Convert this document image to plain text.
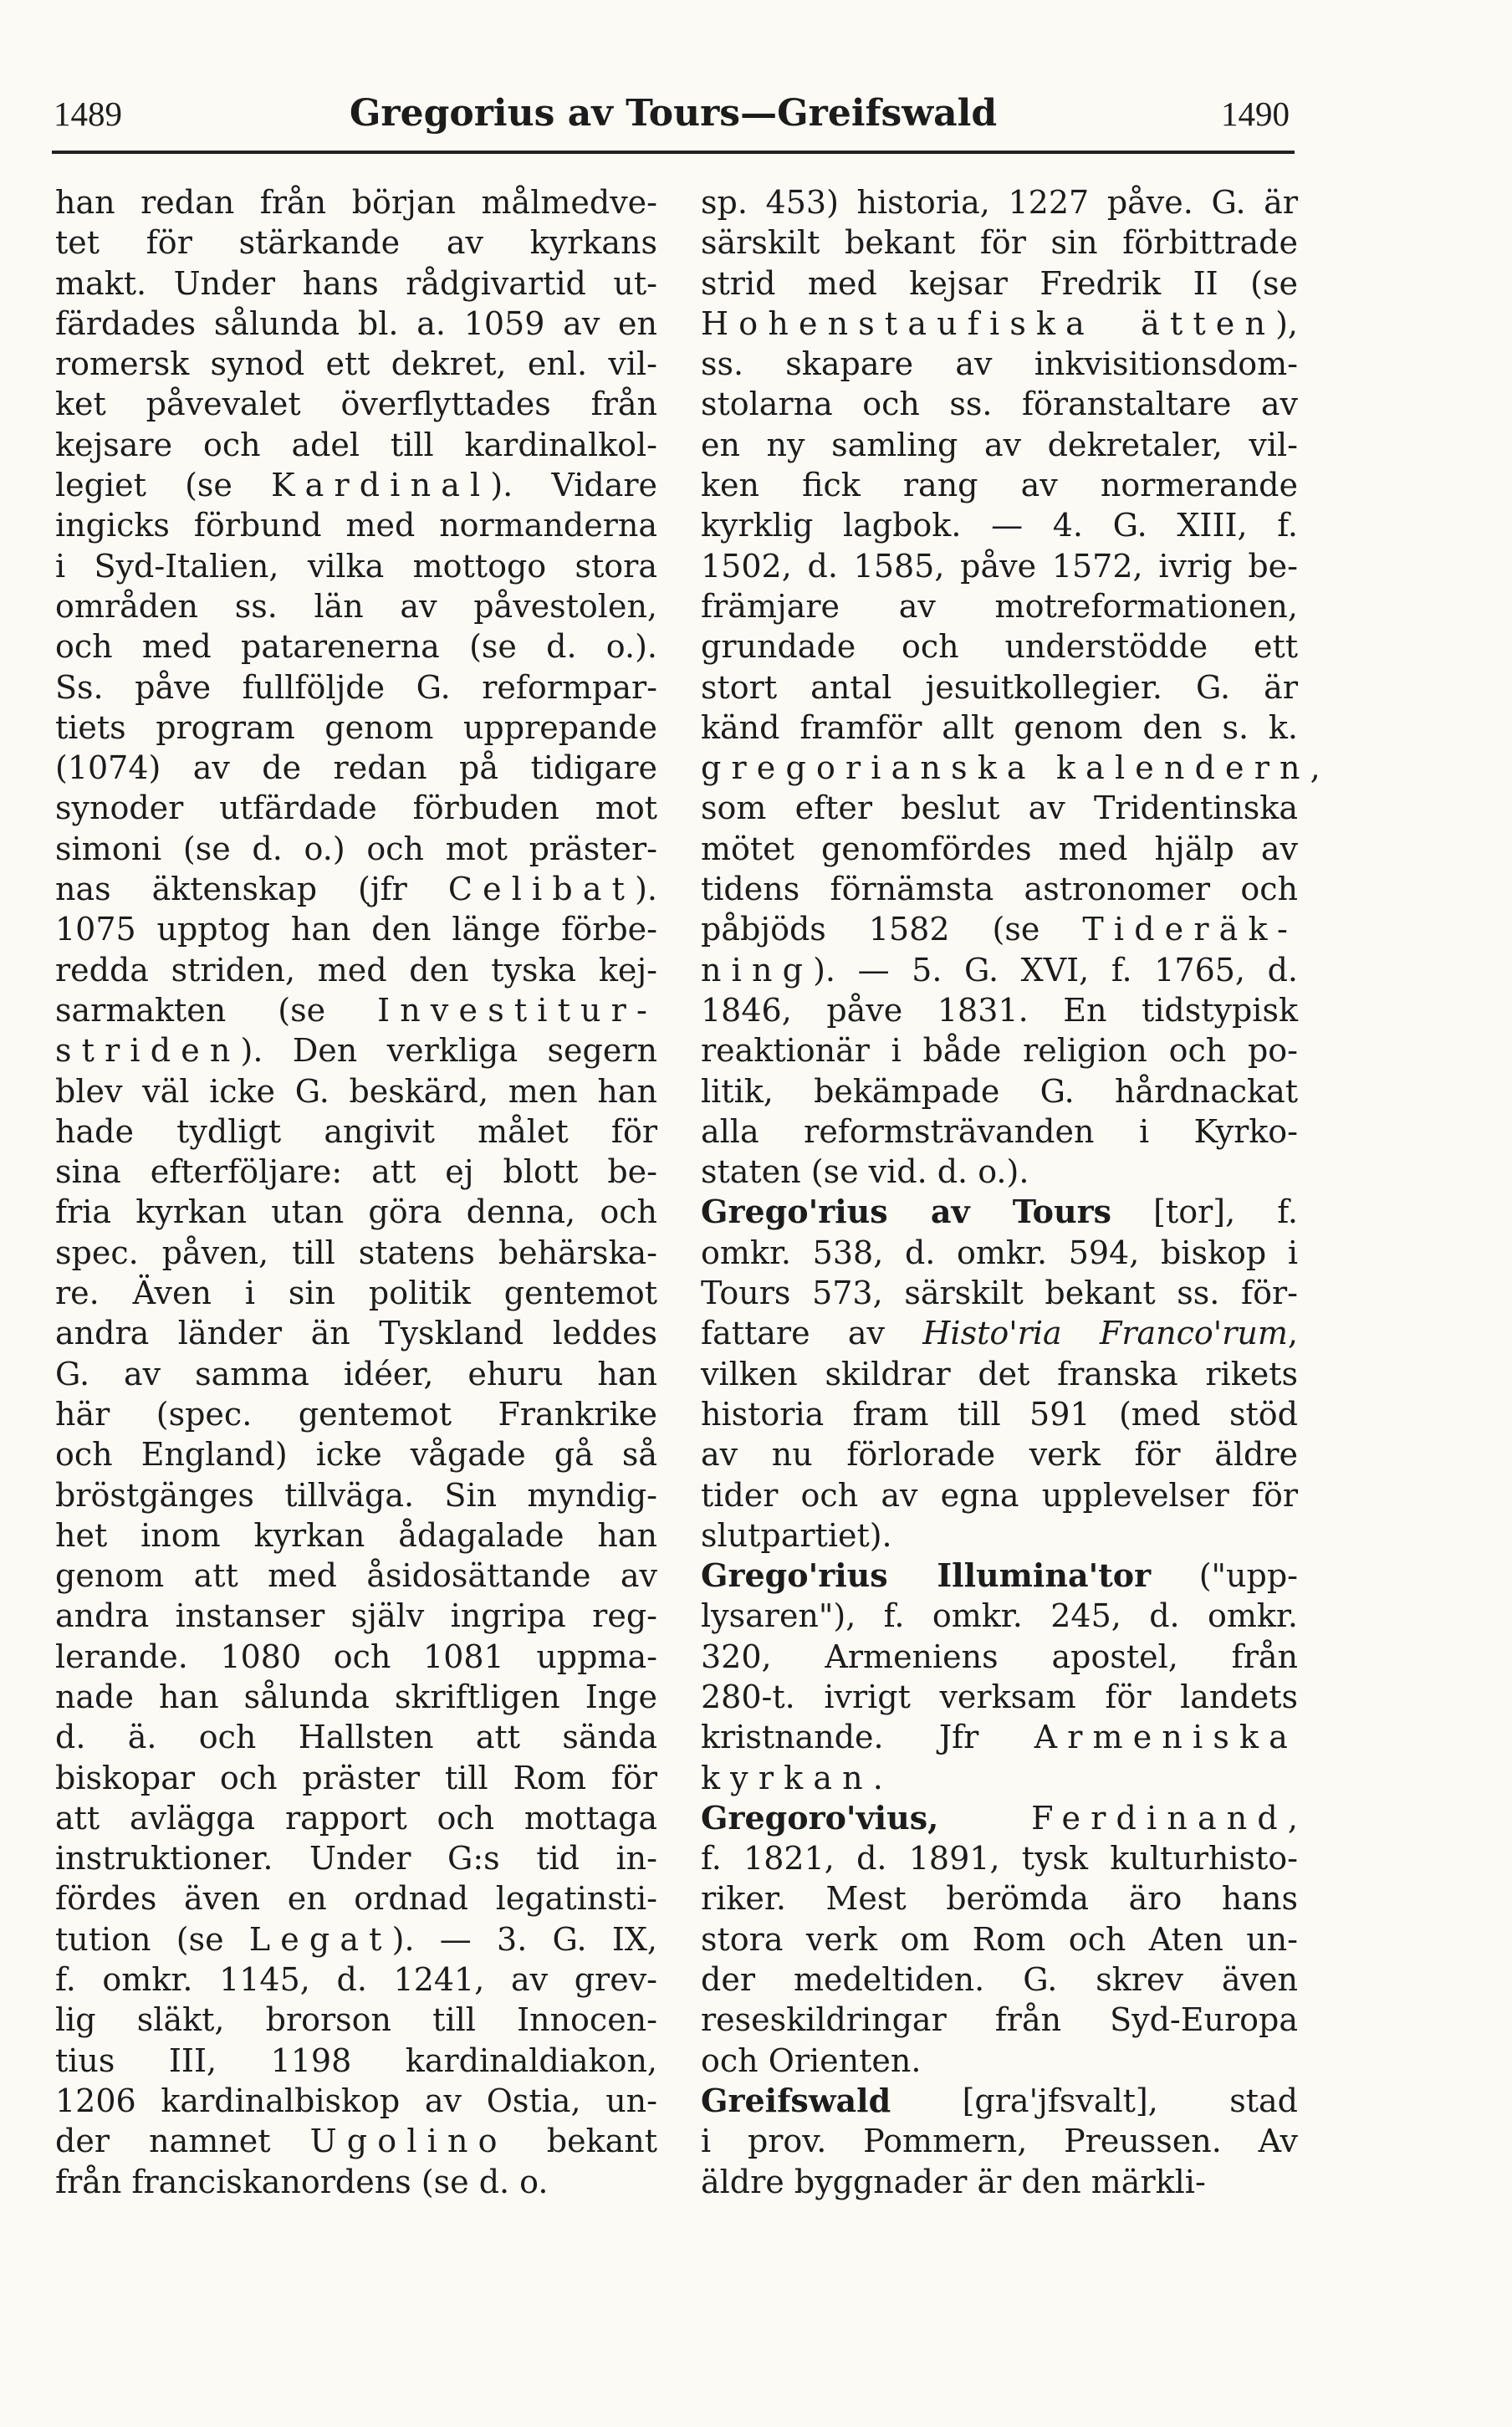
1489	Gregorius av Tours—Greifswald	1490
han redan från början målmedve-
tet för stärkande av kyrkans
makt. Under hans rådgivartid ut-
färdades sålunda bl. a. 1059 av en
romersk synod ett dekret, enl. vil-
ket påvevalet överflyttades från
kejsare och adel till kardinalkol-
legiet (se Kardinal). Vidare
ingicks förbund med normanderna
i Syd-Italien, vilka mottogo stora
områden ss. län av påvestolen,
och med patarenerna (se d. o.).
Ss. påve fullföljde G. reformpar-
tiets program genom upprepande
(1074) av de redan på tidigare
synoder utfärdade förbuden mot
simoni (se d. o.) och mot präster-
nas äktenskap (jfr Celibat).
1075 upptog han den länge förbe-
redda striden, med den tyska kej-
sarmakten (se Investitur-
striden). Den verkliga segern
blev väl icke G. beskärd, men han
hade tydligt angivit målet för
sina efterföljare: att ej blott be-
fria kyrkan utan göra denna, och
spec. påven, till statens behärska-
re. Även i sin politik gentemot
andra länder än Tyskland leddes
G. av samma idéer, ehuru han
här (spec. gentemot Frankrike
och England) icke vågade gå så
bröstgänges tillväga. Sin myndig-
het inom kyrkan ådagalade han
genom att med åsidosättande av
andra instanser själv ingripa reg-
lerande. 1080 och 1081 uppma-
nade han sålunda skriftligen Inge
d. ä. och Hallsten att sända
biskopar och präster till Rom för
att avlägga rapport och mottaga
instruktioner. Under G:s tid in-
fördes även en ordnad legatinsti-
tution (se Legat). — 3. G. IX,
f. omkr. 1145, d. 1241, av grev-
lig släkt, brorson till Innocen-
tius III, 1198 kardinaldiakon,
1206 kardinalbiskop av Ostia, un-
der namnet Ugolino bekant
från franciskanordens (se d. o.
sp. 453) historia, 1227 påve. G. är
särskilt bekant för sin förbittrade
strid med kejsar Fredrik II (se
Hohenstaufiska ätten),
ss. skapare av inkvisitionsdom-
stolarna och ss. föranstaltare av
en ny samling av dekretaler, vil-
ken fick rang av normerande
kyrklig lagbok. — 4. G. XIII, f.
1502, d. 1585, påve 1572, ivrig be-
främjare av motreformationen,
grundade och understödde ett
stort antal jesuitkollegier. G. är
känd framför allt genom den s. k.
gregorianska kalendern,
som efter beslut av Tridentinska
mötet genomfördes med hjälp av
tidens förnämsta astronomer och
påbjöds 1582 (se Tideräk-
ning). — 5. G. XVI, f. 1765, d.
1846, påve 1831. En tidstypisk
reaktionär i både religion och po-
litik, bekämpade G. hårdnackat
alla reformsträvanden i Kyrko-
staten (se vid. d. o.).
Grego'rius av Tours [tor], f.
omkr. 538, d. omkr. 594, biskop i
Tours 573, särskilt bekant ss. för-
fattare av Histo'ria Franco'rum,
vilken skildrar det franska rikets
historia fram till 591 (med stöd
av nu förlorade verk för äldre
tider och av egna upplevelser för
slutpartiet).
Grego'rius Illumina'tor ("upp-
lysaren"), f. omkr. 245, d. omkr.
320, Armeniens apostel, från
280-t. ivrigt verksam för landets
kristnande. Jfr Armeniska
kyrkan.
Gregoro'vius,	Ferdinand,
f. 1821, d. 1891, tysk kulturhisto-
riker. Mest berömda äro hans
stora verk om Rom och Aten un-
der medeltiden. G. skrev även
reseskildringar från Syd-Europa
och Orienten.
Greifswald [gra'jfsvalt], stad
i prov. Pommern, Preussen. Av
äldre byggnader är den märkli-
